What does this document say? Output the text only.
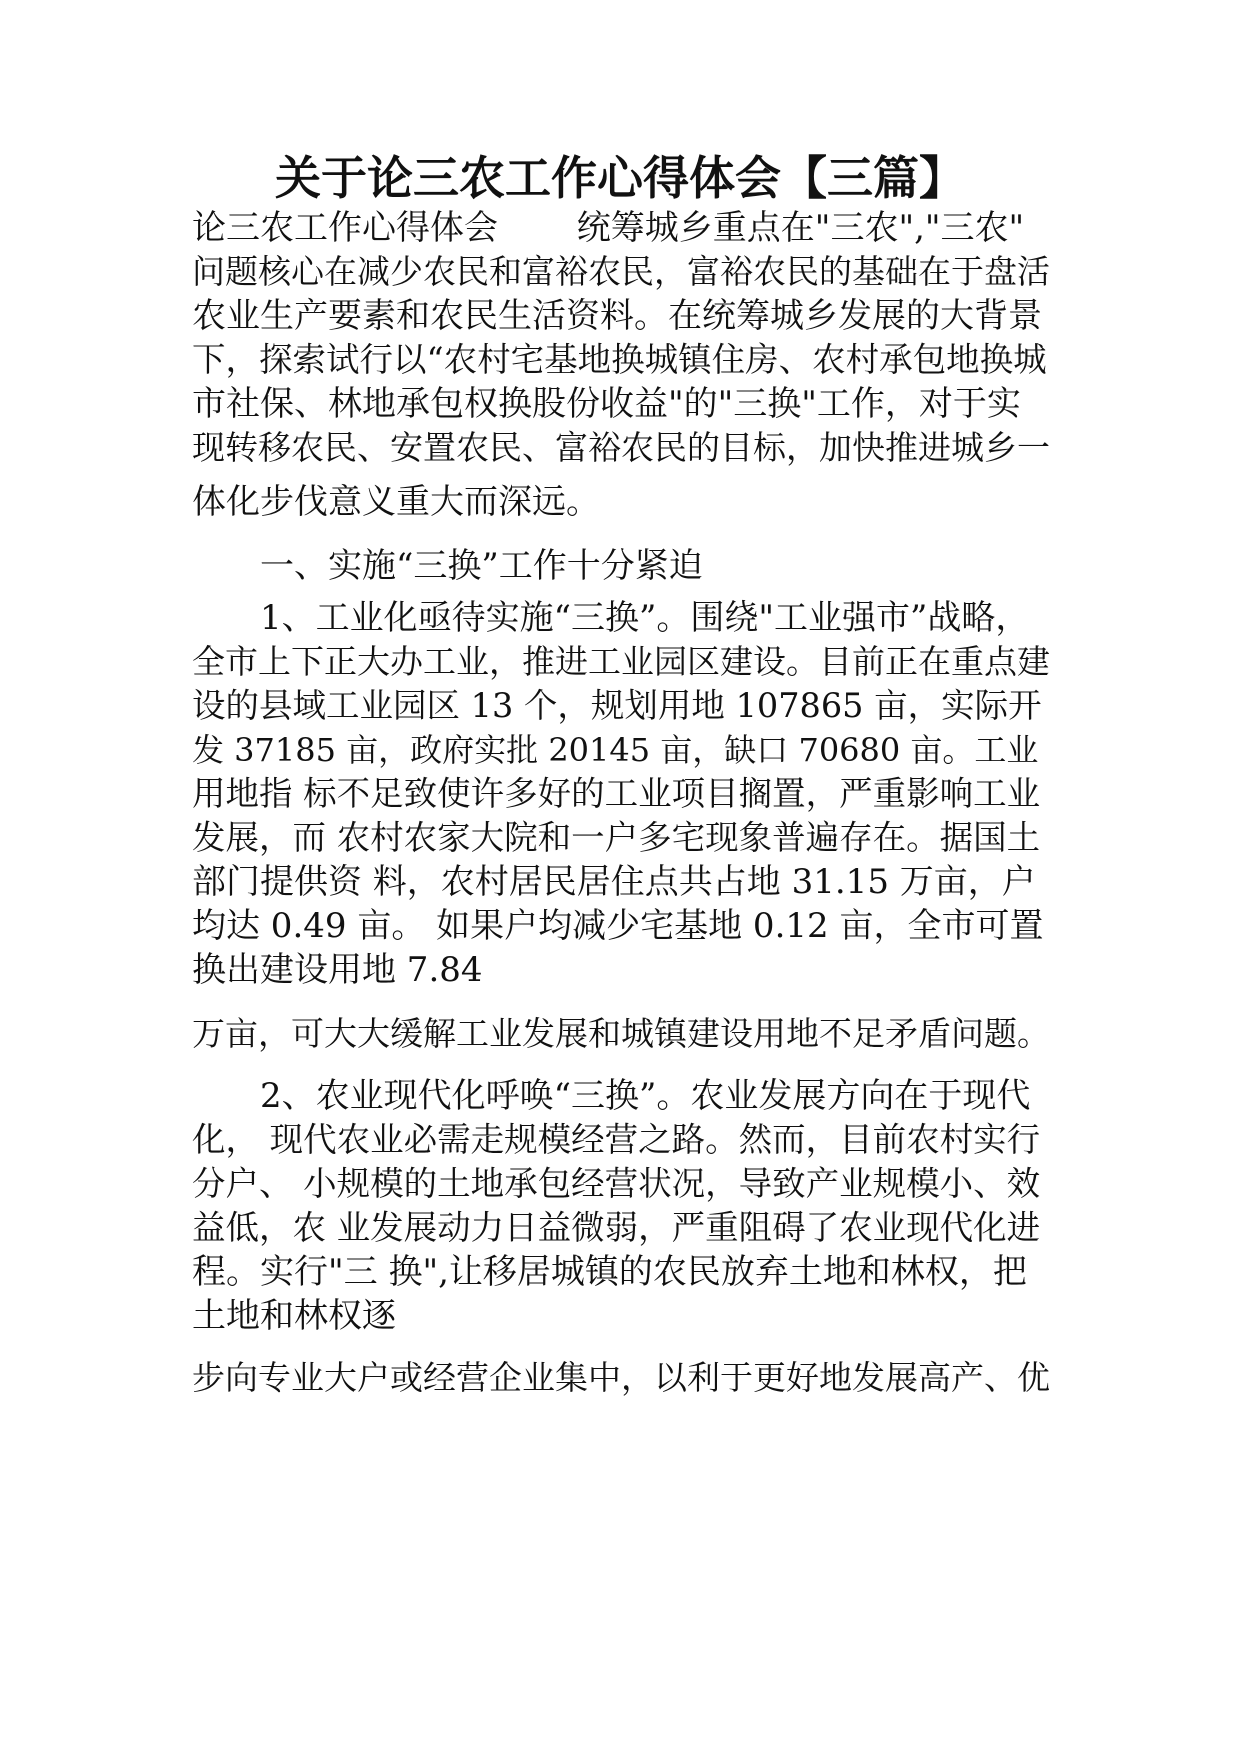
关于论三农工作心得体会【三篇】
论三农工作心得体会　　 统筹城乡重点在"三农","三农"
问题核心在减少农民和富裕农民，富裕农民的基础在于盘活
农业生产要素和农民生活资料。在统筹城乡发展的大背景
下，探索试行以“农村宅基地换城镇住房、农村承包地换城
市社保、林地承包权换股份收益"的"三换"工作，对于实
现转移农民、安置农民、富裕农民的目标，加快推进城乡一
体化步伐意义重大而深远。
　　一、实施“三换”工作十分紧迫
　　1、工业化亟待实施“三换”。围绕"工业强市”战略，
全市上下正大办工业，推进工业园区建设。目前正在重点建
设的县域工业园区 13 个，规划用地 107865 亩，实际开
发 37185 亩，政府实批 20145 亩，缺口 70680 亩。工业
用地指 标不足致使许多好的工业项目搁置，严重影响工业
发展，而 农村农家大院和一户多宅现象普遍存在。据国土
部门提供资 料，农村居民居住点共占地 31.15 万亩，户
均达 0.49 亩。 如果户均减少宅基地 0.12 亩，全市可置
换出建设用地 7.84
万亩，可大大缓解工业发展和城镇建设用地不足矛盾问题。
　　2、农业现代化呼唤“三换”。农业发展方向在于现代
化， 现代农业必需走规模经营之路。然而，目前农村实行
分户、 小规模的土地承包经营状况，导致产业规模小、效
益低，农 业发展动力日益微弱，严重阻碍了农业现代化进
程。实行"三 换",让移居城镇的农民放弃土地和林权，把
土地和林权逐
步向专业大户或经营企业集中，以利于更好地发展高产、优
